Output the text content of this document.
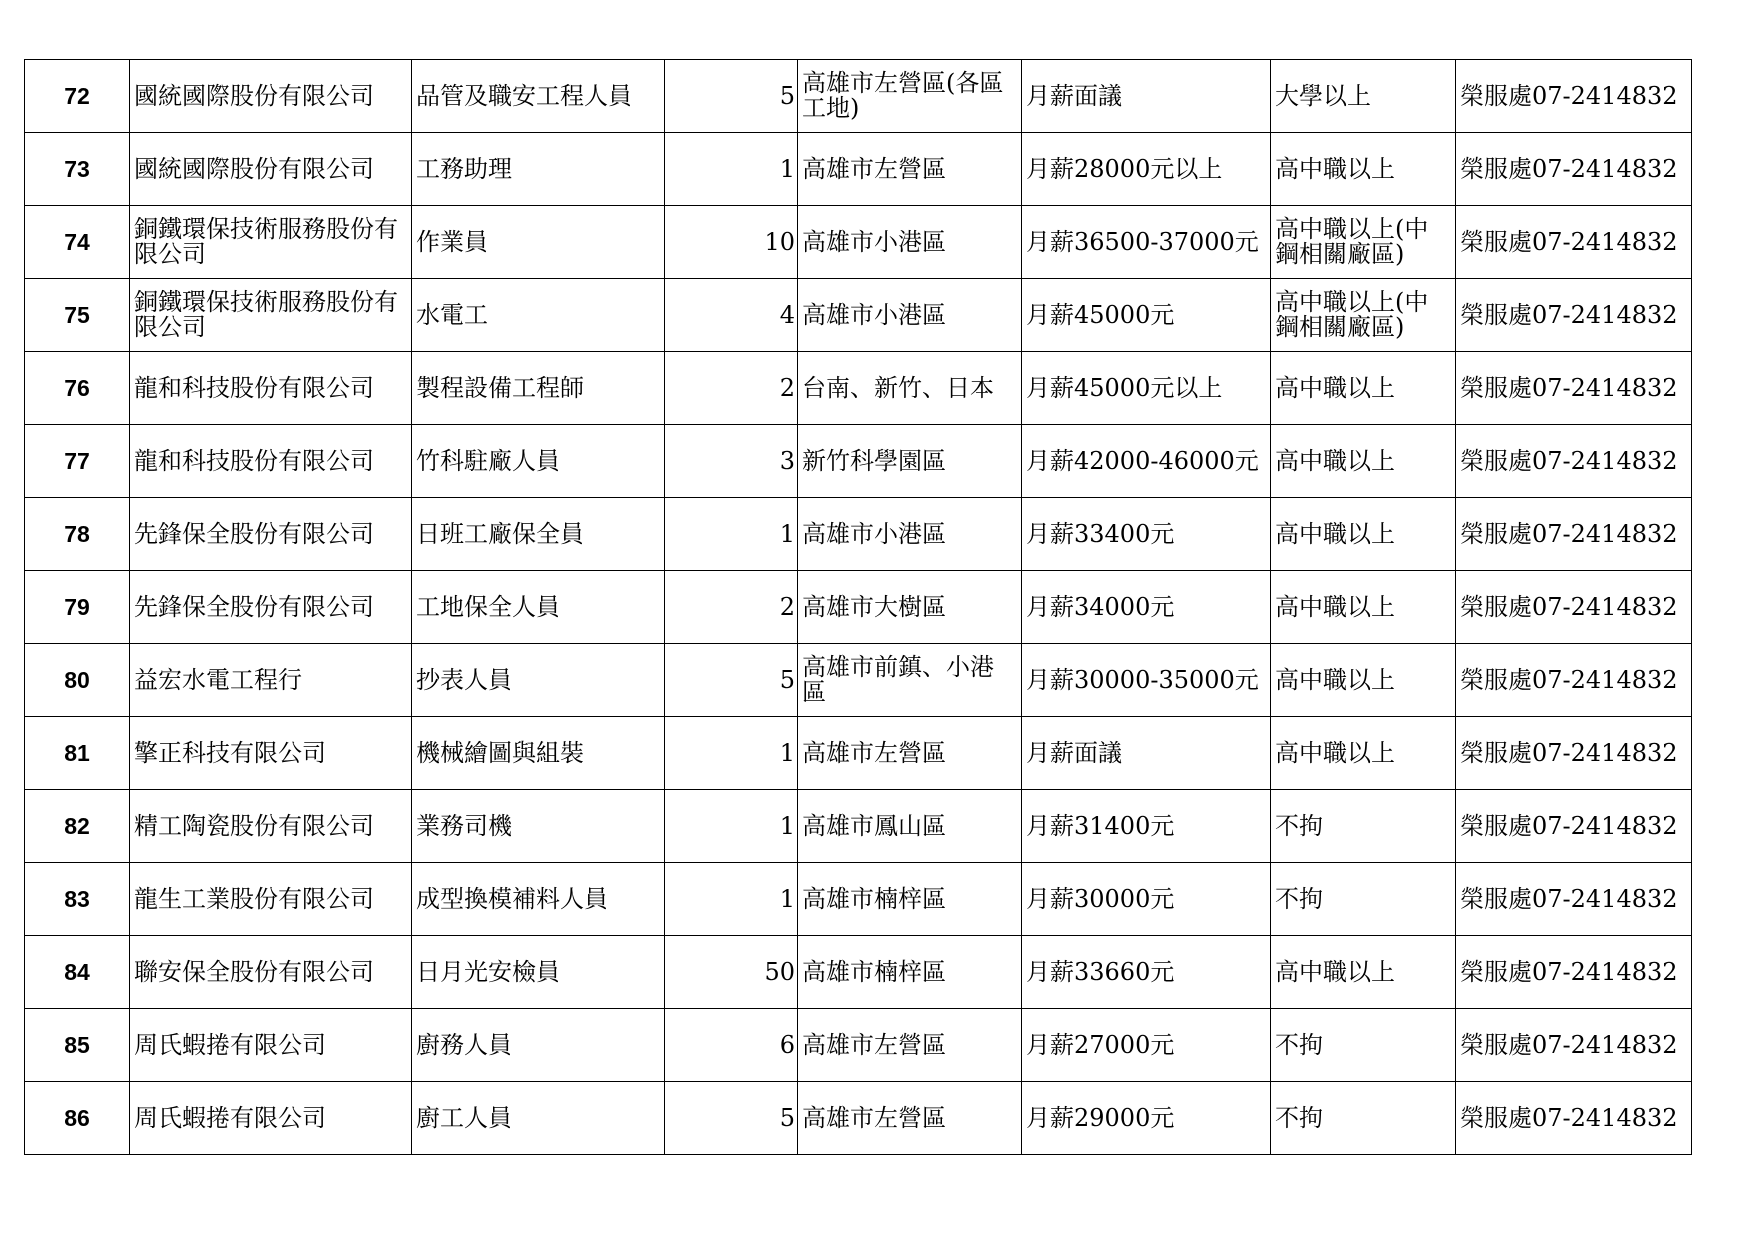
72	國統國際股份有限公司	品管及職安工程人員	5	高雄市左營區(各區工地)	月薪面議	大學以上	榮服處07-2414832
73	國統國際股份有限公司	工務助理	1	高雄市左營區	月薪28000元以上	高中職以上	榮服處07-2414832
74	銅鐵環保技術服務股份有限公司	作業員	10	高雄市小港區	月薪36500-37000元	高中職以上(中鋼相關廠區)	榮服處07-2414832
75	銅鐵環保技術服務股份有限公司	水電工	4	高雄市小港區	月薪45000元	高中職以上(中鋼相關廠區)	榮服處07-2414832
76	龍和科技股份有限公司	製程設備工程師	2	台南、新竹、日本	月薪45000元以上	高中職以上	榮服處07-2414832
77	龍和科技股份有限公司	竹科駐廠人員	3	新竹科學園區	月薪42000-46000元	高中職以上	榮服處07-2414832
78	先鋒保全股份有限公司	日班工廠保全員	1	高雄市小港區	月薪33400元	高中職以上	榮服處07-2414832
79	先鋒保全股份有限公司	工地保全人員	2	高雄市大樹區	月薪34000元	高中職以上	榮服處07-2414832
80	益宏水電工程行	抄表人員	5	高雄市前鎮、小港區	月薪30000-35000元	高中職以上	榮服處07-2414832
81	擎正科技有限公司	機械繪圖與組裝	1	高雄市左營區	月薪面議	高中職以上	榮服處07-2414832
82	精工陶瓷股份有限公司	業務司機	1	高雄市鳳山區	月薪31400元	不拘	榮服處07-2414832
83	龍生工業股份有限公司	成型換模補料人員	1	高雄市楠梓區	月薪30000元	不拘	榮服處07-2414832
84	聯安保全股份有限公司	日月光安檢員	50	高雄市楠梓區	月薪33660元	高中職以上	榮服處07-2414832
85	周氏蝦捲有限公司	廚務人員	6	高雄市左營區	月薪27000元	不拘	榮服處07-2414832
86	周氏蝦捲有限公司	廚工人員	5	高雄市左營區	月薪29000元	不拘	榮服處07-2414832
